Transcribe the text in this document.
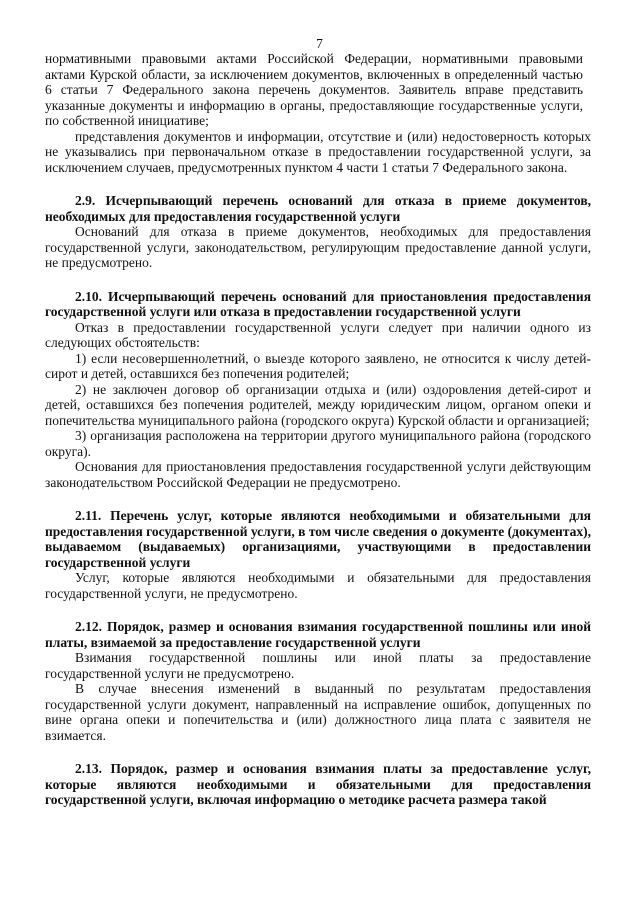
7

нормативными правовыми актами Российской Федерации, нормативными правовыми актами Курской области, за исключением документов, включенных в определенный частью 6 статьи 7 Федерального закона перечень документов. Заявитель вправе представить указанные документы и информацию в органы, предоставляющие государственные услуги, по собственной инициативе;

представления документов и информации, отсутствие и (или) недостоверность которых не указывались при первоначальном отказе в предоставлении государственной услуги, за исключением случаев, предусмотренных пунктом 4 части 1 статьи 7 Федерального закона.

2.9. Исчерпывающий перечень оснований для отказа в приеме документов, необходимых для предоставления государственной услуги

Оснований для отказа в приеме документов, необходимых для предоставления государственной услуги, законодательством, регулирующим предоставление данной услуги, не предусмотрено.

2.10. Исчерпывающий перечень оснований для приостановления предоставления государственной услуги или отказа в предоставлении государственной услуги

Отказ в предоставлении государственной услуги следует при наличии одного из следующих обстоятельств:

1) если несовершеннолетний, о выезде которого заявлено, не относится к числу детей-сирот и детей, оставшихся без попечения родителей;

2) не заключен договор об организации отдыха и (или) оздоровления детей-сирот и детей, оставшихся без попечения родителей, между юридическим лицом, органом опеки и попечительства муниципального района (городского округа) Курской области и организацией;

3) организация расположена на территории другого муниципального района (городского округа).

Основания для приостановления предоставления государственной услуги действующим законодательством Российской Федерации не предусмотрено.

2.11. Перечень услуг, которые являются необходимыми и обязательными для предоставления государственной услуги, в том числе сведения о документе (документах), выдаваемом (выдаваемых) организациями, участвующими в предоставлении государственной услуги

Услуг, которые являются необходимыми и обязательными для предоставления государственной услуги, не предусмотрено.

2.12. Порядок, размер и основания взимания государственной пошлины или иной платы, взимаемой за предоставление государственной услуги

Взимания государственной пошлины или иной платы за предоставление государственной услуги не предусмотрено.

В случае внесения изменений в выданный по результатам предоставления государственной услуги документ, направленный на исправление ошибок, допущенных по вине органа опеки и попечительства и (или) должностного лица плата с заявителя не взимается.

2.13. Порядок, размер и основания взимания платы за предоставление услуг, которые являются необходимыми и обязательными для предоставления государственной услуги, включая информацию о методике расчета размера такой
